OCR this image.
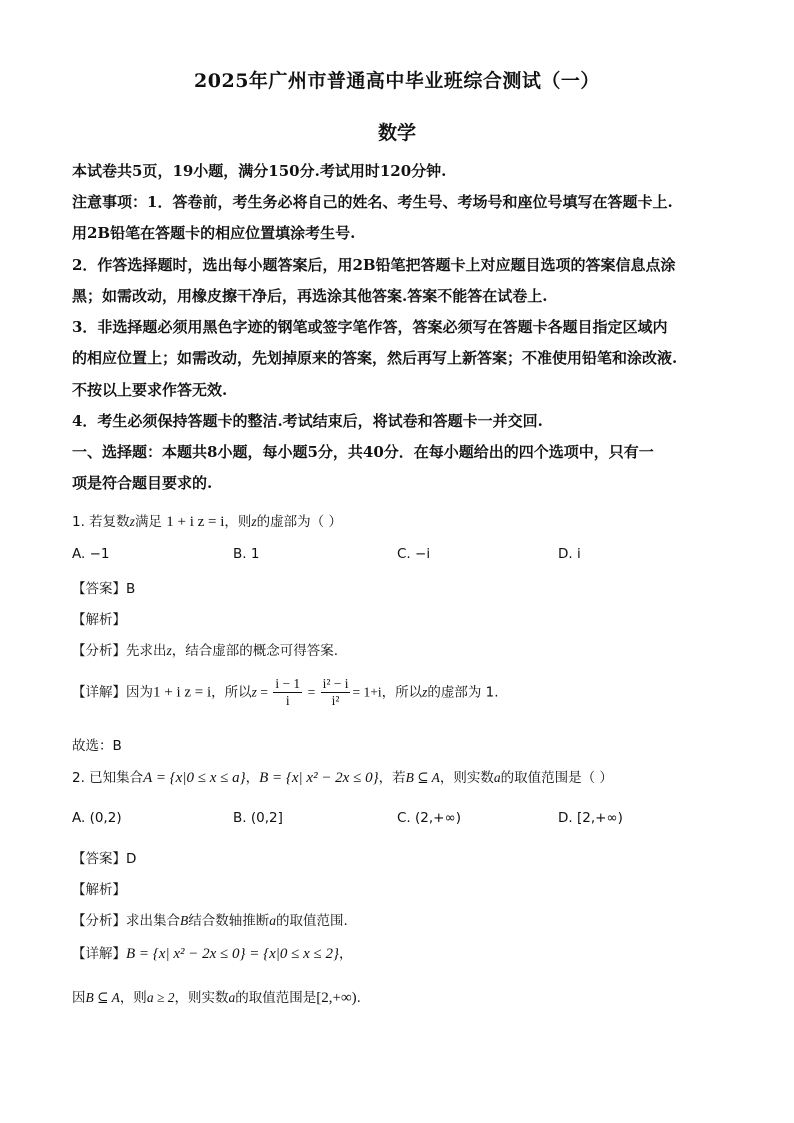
2025年广州市普通高中毕业班综合测试（一）
数学
本试卷共5页，19小题，满分150分.考试用时120分钟.
注意事项：1．答卷前，考生务必将自己的姓名、考生号、考场号和座位号填写在答题卡上.
用2B铅笔在答题卡的相应位置填涂考生号.
2．作答选择题时，选出每小题答案后，用2B铅笔把答题卡上对应题目选项的答案信息点涂
黑；如需改动，用橡皮擦干净后，再选涂其他答案.答案不能答在试卷上.
3．非选择题必须用黑色字迹的钢笔或签字笔作答，答案必须写在答题卡各题目指定区域内
的相应位置上；如需改动，先划掉原来的答案，然后再写上新答案；不准使用铅笔和涂改液.
不按以上要求作答无效.
4．考生必须保持答题卡的整洁.考试结束后，将试卷和答题卡一并交回.
一、选择题：本题共8小题，每小题5分，共40分．在每小题给出的四个选项中，只有一
项是符合题目要求的.
1. 若复数z满足 1 + i z = i，则z的虚部为（ ）
A. −1	B. 1	C. −i	D. i
【答案】B
【解析】
【分析】先求出z，结合虚部的概念可得答案.
【详解】因为1 + i z = i，所以$z = \frac{i - 1}{i} = \frac{\text{i² − i}}{\text{i²}} = 1+i$，所以z的虚部为 1.
故选：B
2. 已知集合A = {x|0 ≤ x ≤ a}，B = {x| x² − 2x ≤ 0}，若B ⊆ A，则实数a的取值范围是（ ）
A. (0,2)	B. (0,2]	C. (2,+∞)	D. [2,+∞)
【答案】D
【解析】
【分析】求出集合B结合数轴推断a的取值范围.
【详解】B = {x| x² − 2x ≤ 0} = {x|0 ≤ x ≤ 2}，
因B ⊆ A，则a ≥ 2，则实数a的取值范围是[2,+∞).
